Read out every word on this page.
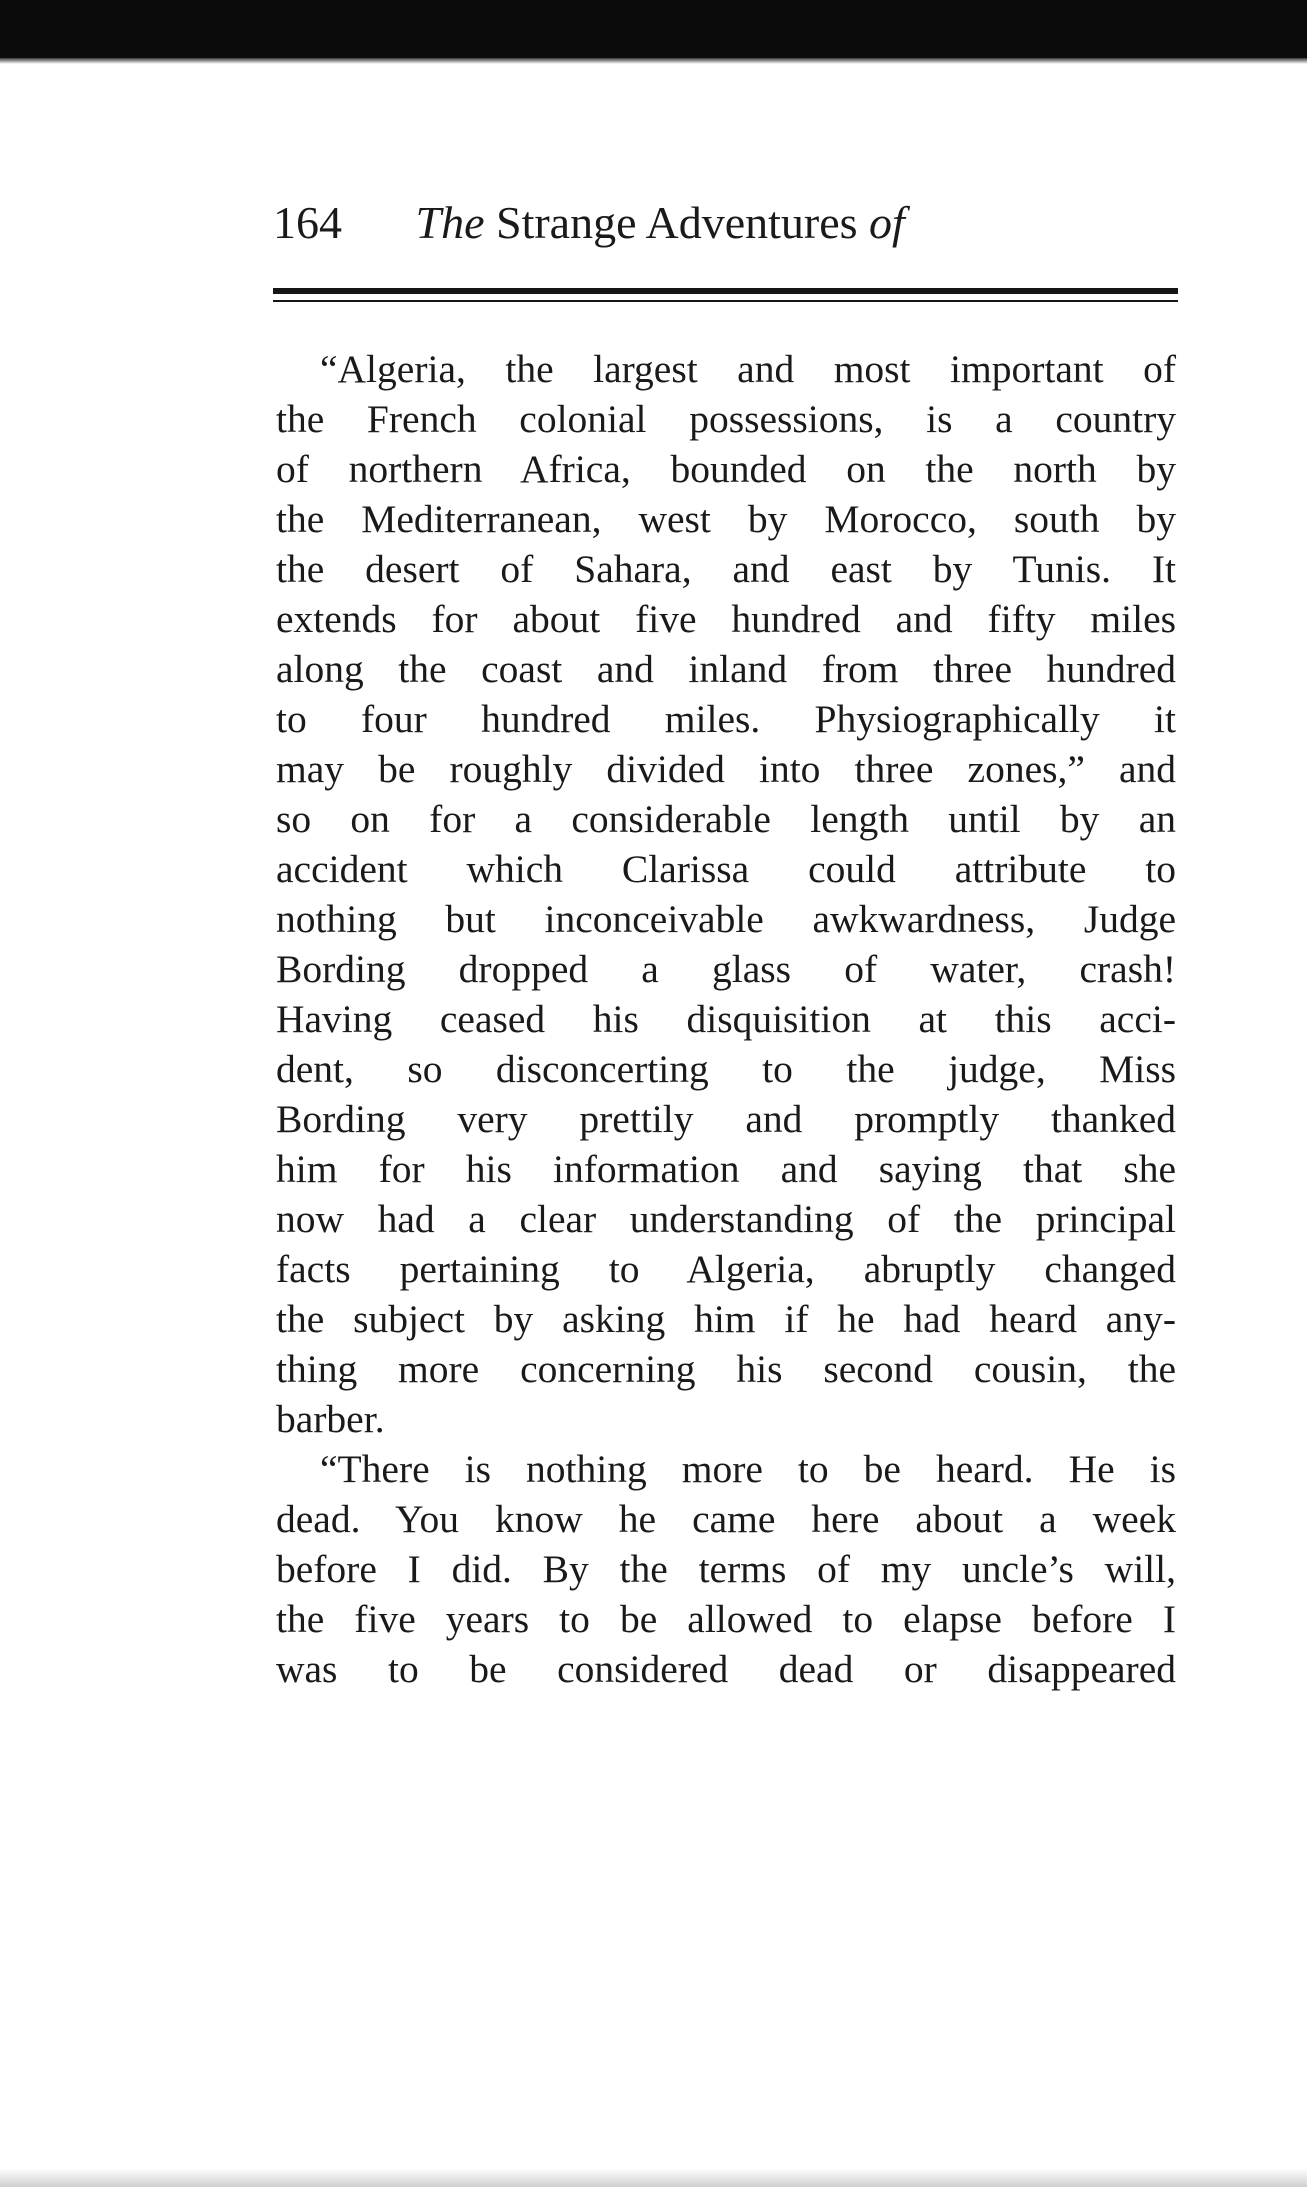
164 The Strange Adventures of
“Algeria, the largest and most important of
the French colonial possessions, is a country
of northern Africa, bounded on the north by
the Mediterranean, west by Morocco, south by
the desert of Sahara, and east by Tunis. It
extends for about five hundred and fifty miles
along the coast and inland from three hundred
to four hundred miles. Physiographically it
may be roughly divided into three zones,” and
so on for a considerable length until by an
accident which Clarissa could attribute to
nothing but inconceivable awkwardness, Judge
Bording dropped a glass of water, crash!
Having ceased his disquisition at this acci-
dent, so disconcerting to the judge, Miss
Bording very prettily and promptly thanked
him for his information and saying that she
now had a clear understanding of the principal
facts pertaining to Algeria, abruptly changed
the subject by asking him if he had heard any-
thing more concerning his second cousin, the
barber.
“There is nothing more to be heard. He is
dead. You know he came here about a week
before I did. By the terms of my uncle’s will,
the five years to be allowed to elapse before I
was to be considered dead or disappeared
